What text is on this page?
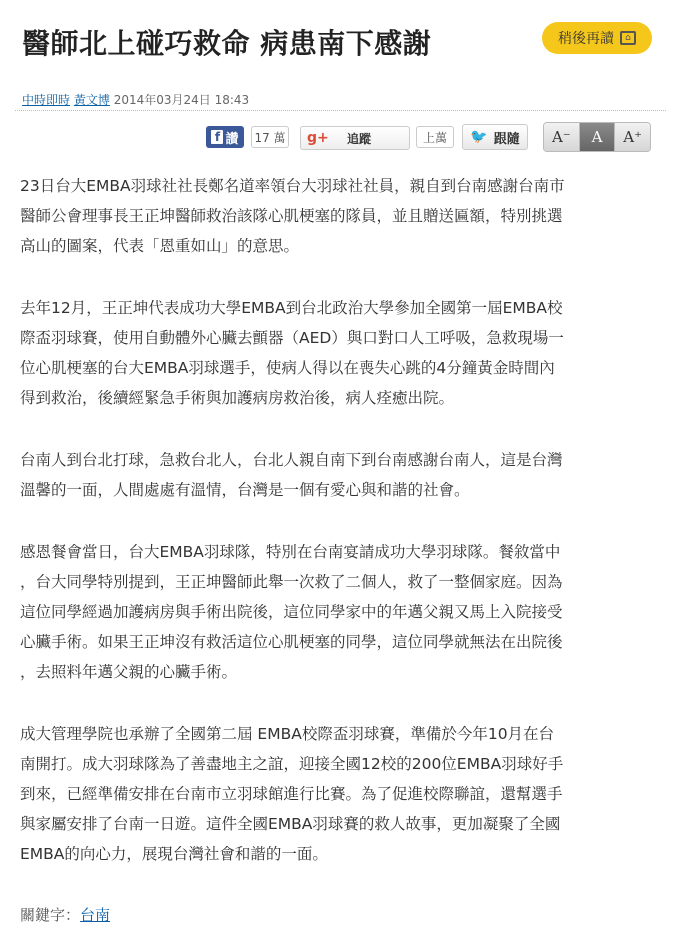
醫師北上碰巧救命 病患南下感謝	稍後再讀	⌂
中時即時 黃文博 2014年03月24日 18:43
f 讚 17 萬 g+	追蹤	上萬	🐦 跟隨	A⁻	A	A⁺

23日台大EMBA羽球社社長鄭名道率領台大羽球社社員，親自到台南感謝台南市
醫師公會理事長王正坤醫師救治該隊心肌梗塞的隊員，並且贈送匾額，特別挑選
高山的圖案，代表「恩重如山」的意思。

去年12月，王正坤代表成功大學EMBA到台北政治大學參加全國第一屆EMBA校
際盃羽球賽，使用自動體外心臟去顫器（AED）與口對口人工呼吸，急救現場一
位心肌梗塞的台大EMBA羽球選手，使病人得以在喪失心跳的4分鐘黃金時間內
得到救治，後續經緊急手術與加護病房救治後，病人痊癒出院。

台南人到台北打球，急救台北人，台北人親自南下到台南感謝台南人，這是台灣
溫馨的一面，人間處處有溫情，台灣是一個有愛心與和諧的社會。

感恩餐會當日，台大EMBA羽球隊，特別在台南宴請成功大學羽球隊。餐敘當中
，台大同學特別提到，王正坤醫師此舉一次救了二個人，救了一整個家庭。因為
這位同學經過加護病房與手術出院後，這位同學家中的年邁父親又馬上入院接受
心臟手術。如果王正坤沒有救活這位心肌梗塞的同學，這位同學就無法在出院後
，去照料年邁父親的心臟手術。

成大管理學院也承辦了全國第二屆 EMBA校際盃羽球賽，準備於今年10月在台
南開打。成大羽球隊為了善盡地主之誼，迎接全國12校的200位EMBA羽球好手
到來，已經準備安排在台南市立羽球館進行比賽。為了促進校際聯誼，還幫選手
與家屬安排了台南一日遊。這件全國EMBA羽球賽的救人故事，更加凝聚了全國
EMBA的向心力，展現台灣社會和諧的一面。

關鍵字：台南
